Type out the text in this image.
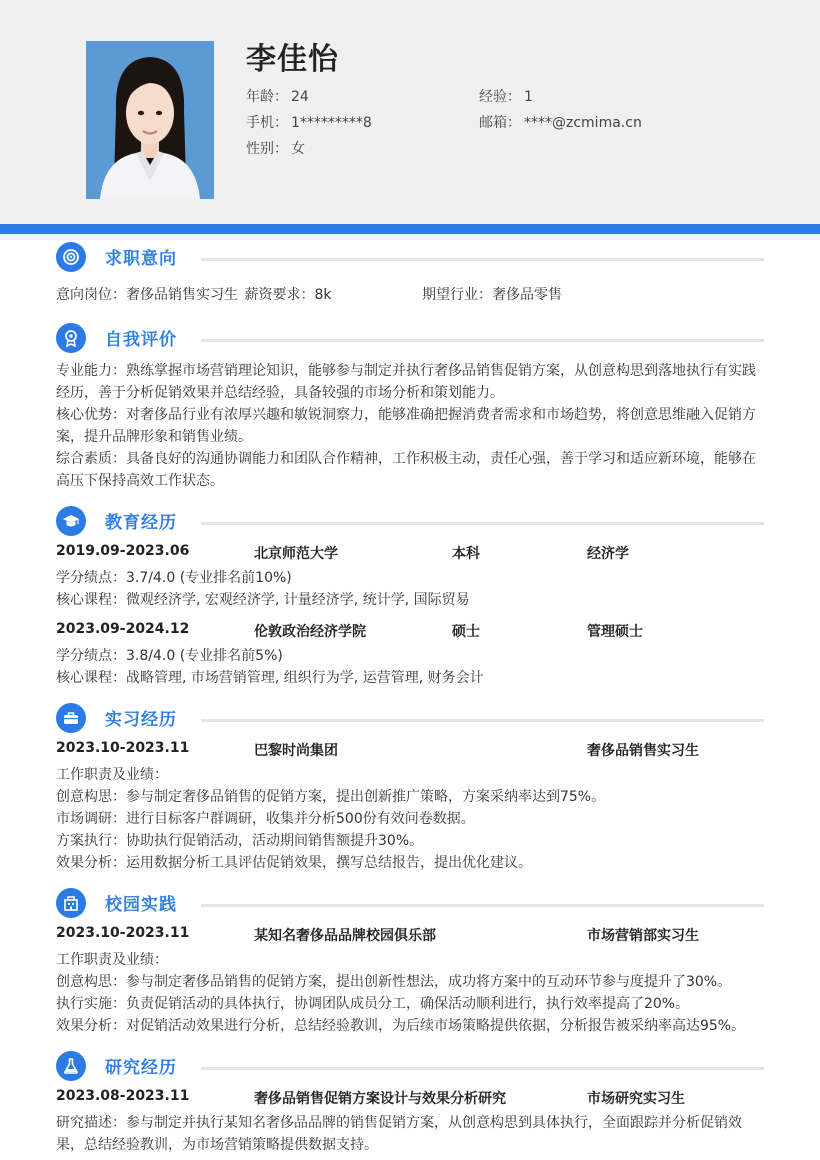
李佳怡
年龄： 24	经验： 1
手机： 1*********8	邮箱： ****@zcmima.cn
性别： 女
求职意向
意向岗位：奢侈品销售实习生 薪资要求：8k	期望行业：奢侈品零售
自我评价
专业能力：熟练掌握市场营销理论知识，能够参与制定并执行奢侈品销售促销方案，从创意构思到落地执行有实践
经历，善于分析促销效果并总结经验，具备较强的市场分析和策划能力。
核心优势：对奢侈品行业有浓厚兴趣和敏锐洞察力，能够准确把握消费者需求和市场趋势，将创意思维融入促销方
案，提升品牌形象和销售业绩。
综合素质：具备良好的沟通协调能力和团队合作精神，工作积极主动，责任心强，善于学习和适应新环境，能够在
高压下保持高效工作状态。
教育经历
2019.09-2023.06	北京师范大学	本科	经济学
学分绩点：3.7/4.0 (专业排名前10%)
核心课程：微观经济学, 宏观经济学, 计量经济学, 统计学, 国际贸易
2023.09-2024.12	伦敦政治经济学院	硕士	管理硕士
学分绩点：3.8/4.0 (专业排名前5%)
核心课程：战略管理, 市场营销管理, 组织行为学, 运营管理, 财务会计
实习经历
2023.10-2023.11	巴黎时尚集团	奢侈品销售实习生
工作职责及业绩：
创意构思：参与制定奢侈品销售的促销方案，提出创新推广策略，方案采纳率达到75%。
市场调研：进行目标客户群调研，收集并分析500份有效问卷数据。
方案执行：协助执行促销活动，活动期间销售额提升30%。
效果分析：运用数据分析工具评估促销效果，撰写总结报告，提出优化建议。
校园实践
2023.10-2023.11	某知名奢侈品品牌校园俱乐部	市场营销部实习生
工作职责及业绩：
创意构思：参与制定奢侈品销售的促销方案，提出创新性想法，成功将方案中的互动环节参与度提升了30%。
执行实施：负责促销活动的具体执行，协调团队成员分工，确保活动顺利进行，执行效率提高了20%。
效果分析：对促销活动效果进行分析，总结经验教训，为后续市场策略提供依据，分析报告被采纳率高达95%。
研究经历
2023.08-2023.11	奢侈品销售促销方案设计与效果分析研究	市场研究实习生
研究描述：参与制定并执行某知名奢侈品品牌的销售促销方案，从创意构思到具体执行，全面跟踪并分析促销效
果，总结经验教训，为市场营销策略提供数据支持。
